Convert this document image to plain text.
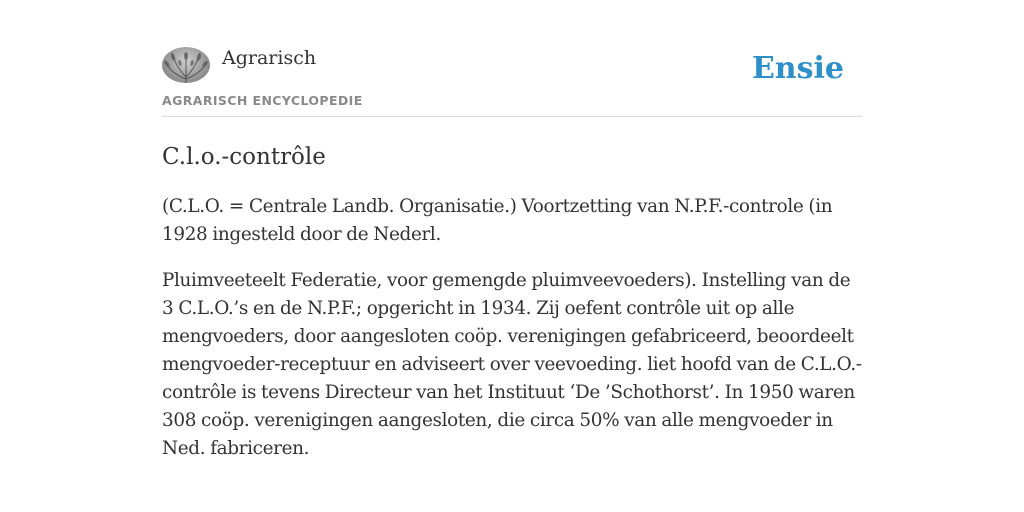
Agrarisch
AGRARISCH ENCYCLOPEDIE
Ensie
C.l.o.-contrôle

(C.L.O. = Centrale Landb. Organisatie.) Voortzetting van N.P.F.-controle (in 1928 ingesteld door de Nederl.

Pluimveeteelt Federatie, voor gemengde pluimveevoeders). Instelling van de 3 C.L.O.’s en de N.P.F.; opgericht in 1934. Zij oefent contrôle uit op alle mengvoeders, door aangesloten coöp. verenigingen gefabriceerd, beoordeelt mengvoeder-receptuur en adviseert over veevoeding. liet hoofd van de C.L.O.-contrôle is tevens Directeur van het Instituut ‘De ’Schothorst’. In 1950 waren 308 coöp. verenigingen aangesloten, die circa 50% van alle mengvoeder in Ned. fabriceren.
